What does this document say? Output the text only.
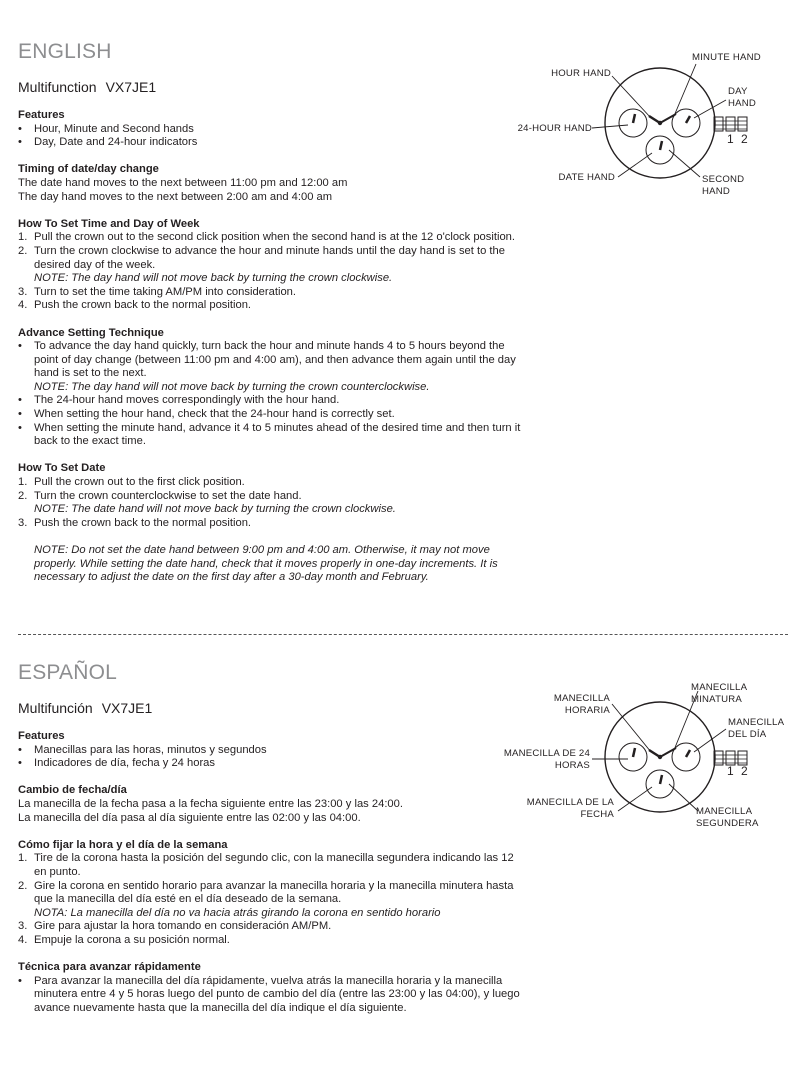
ENGLISH
Multifunction VX7JE1

Features

• Hour, Minute and Second hands

• Day, Date and 24-hour indicators

Timing of date/day change

The date hand moves to the next between 11:00 pm and 12:00 am

The day hand moves to the next between 2:00 am and 4:00 am

How To Set Time and Day of Week

1. Pull the crown out to the second click position when the second hand is at the 12 o'clock position.

2. Turn the crown clockwise to advance the hour and minute hands until the day hand is set to the desired day of the week.
NOTE: The day hand will not move back by turning the crown clockwise.

3. Turn to set the time taking AM/PM into consideration.

4. Push the crown back to the normal position.

Advance Setting Technique

• To advance the day hand quickly, turn back the hour and minute hands 4 to 5 hours beyond the point of day change (between 11:00 pm and 4:00 am), and then advance them again until the day hand is set to the next.
NOTE: The day hand will not move back by turning the crown counterclockwise.

• The 24-hour hand moves correspondingly with the hour hand.

• When setting the hour hand, check that the 24-hour hand is correctly set.

• When setting the minute hand, advance it 4 to 5 minutes ahead of the desired time and then turn it back to the exact time.

How To Set Date

1. Pull the crown out to the first click position.

2. Turn the crown counterclockwise to set the date hand.
NOTE: The date hand will not move back by turning the crown clockwise.

3. Push the crown back to the normal position.

NOTE: Do not set the date hand between 9:00 pm and 4:00 am. Otherwise, it may not move properly. While setting the date hand, check that it moves properly in one-day increments. It is necessary to adjust the date on the first day after a 30-day month and February.

MINUTE HAND
HOUR HAND
DAY HAND
24-HOUR HAND
1 2
DATE HAND	SECOND HAND
ESPAÑOL
Multifunción VX7JE1

Features

• Manecillas para las horas, minutos y segundos

• Indicadores de día, fecha y 24 horas

Cambio de fecha/día

La manecilla de la fecha pasa a la fecha siguiente entre las 23:00 y las 24:00.

La manecilla del día pasa al día siguiente entre las 02:00 y las 04:00.

Cómo fijar la hora y el día de la semana

1. Tire de la corona hasta la posición del segundo clic, con la manecilla segundera indicando las 12 en punto.

2. Gire la corona en sentido horario para avanzar la manecilla horaria y la manecilla minutera hasta que la manecilla del día esté en el día deseado de la semana.
NOTA: La manecilla del día no va hacia atrás girando la corona en sentido horario

3. Gire para ajustar la hora tomando en consideración AM/PM.

4. Empuje la corona a su posición normal.

Técnica para avanzar rápidamente

• Para avanzar la manecilla del día rápidamente, vuelva atrás la manecilla horaria y la manecilla minutera entre 4 y 5 horas luego del punto de cambio del día (entre las 23:00 y las 04:00), y luego avance nuevamente hasta que la manecilla del día indique el día siguiente.

MANECILLA MINATURA
MANECILLA HORARIA
MANECILLA DEL DÍA
MANECILLA DE 24 HORAS	1 2
MANECILLA DE LA FECHA	MANECILLA SEGUNDERA
